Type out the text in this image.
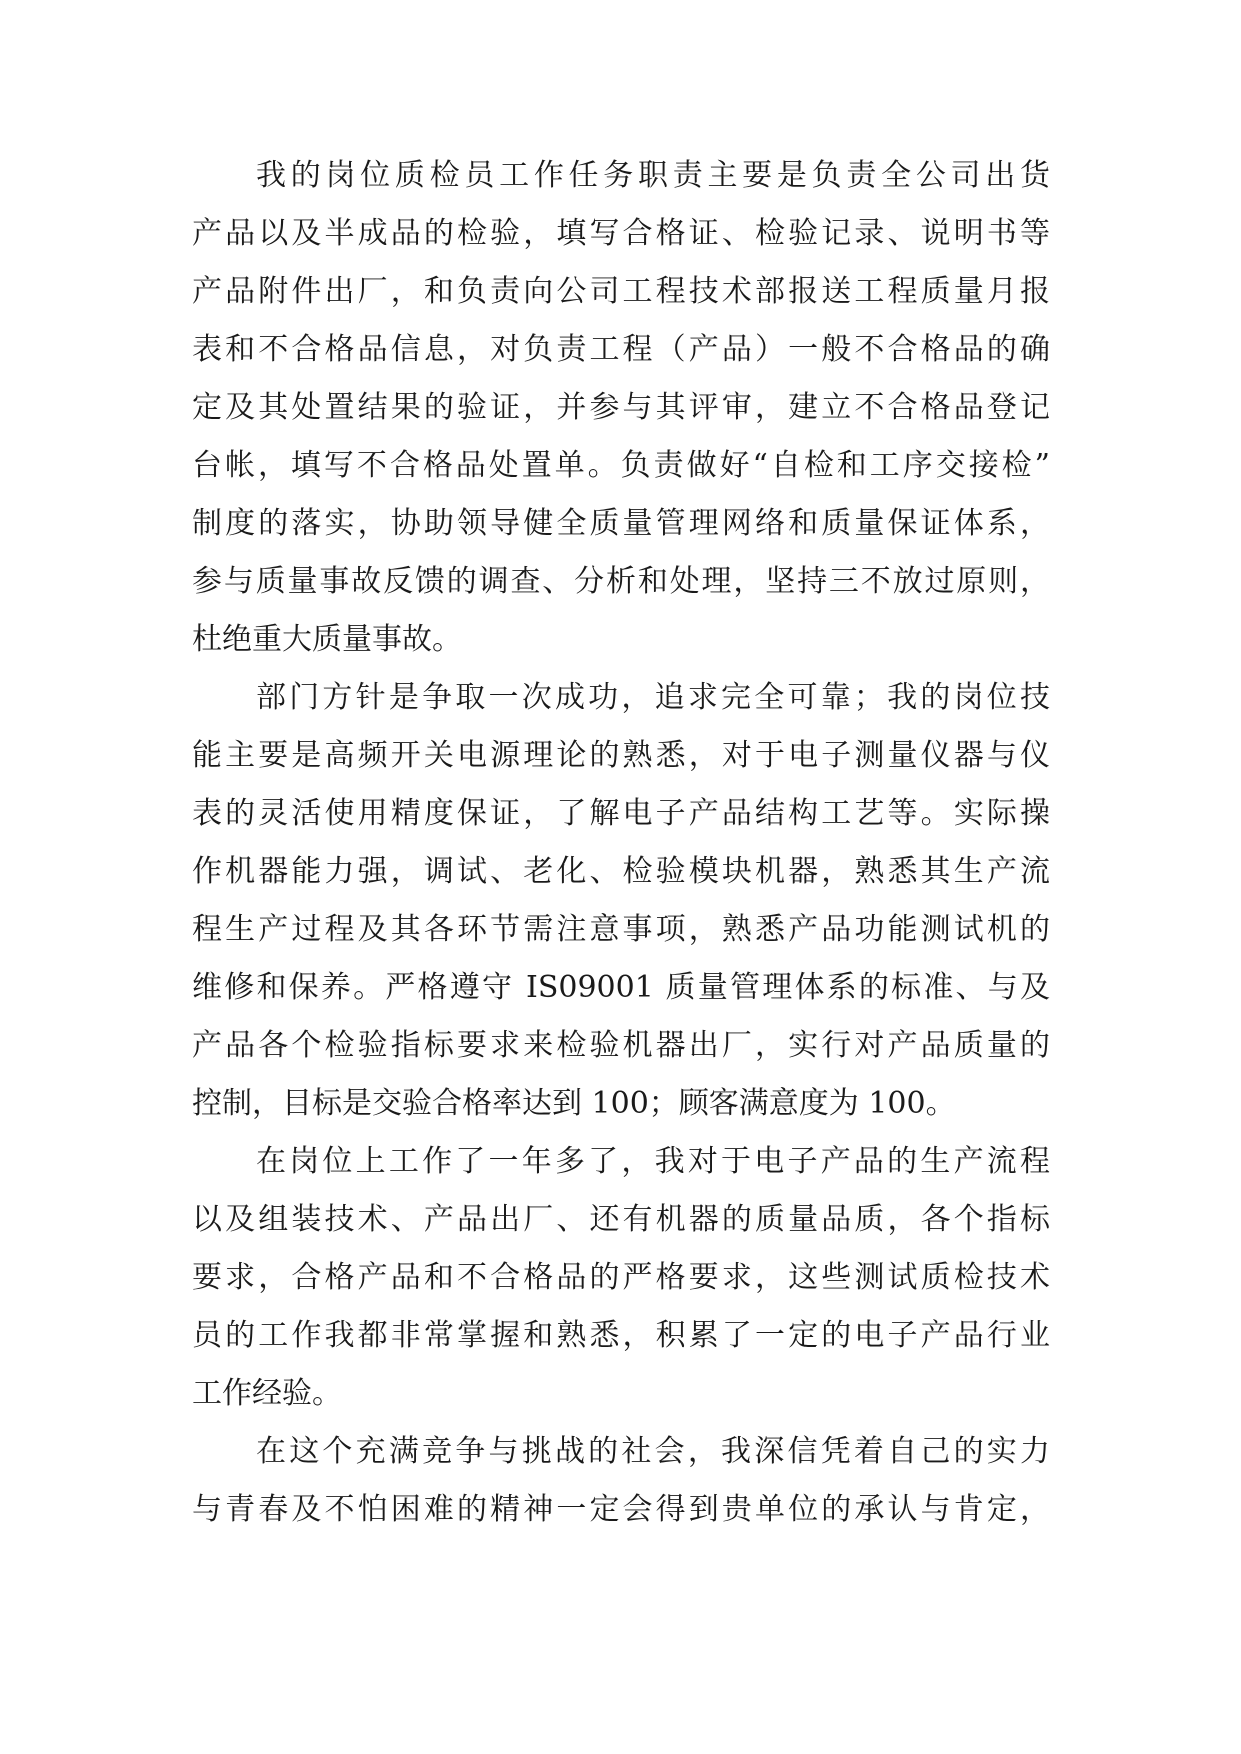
我的岗位质检员工作任务职责主要是负责全公司出货
产品以及半成品的检验，填写合格证、检验记录、说明书等
产品附件出厂，和负责向公司工程技术部报送工程质量月报
表和不合格品信息，对负责工程（产品）一般不合格品的确
定及其处置结果的验证，并参与其评审，建立不合格品登记
台帐，填写不合格品处置单。负责做好“自检和工序交接检”
制度的落实，协助领导健全质量管理网络和质量保证体系，
参与质量事故反馈的调查、分析和处理，坚持三不放过原则，
杜绝重大质量事故。
部门方针是争取一次成功，追求完全可靠；我的岗位技
能主要是高频开关电源理论的熟悉，对于电子测量仪器与仪
表的灵活使用精度保证，了解电子产品结构工艺等。实际操
作机器能力强，调试、老化、检验模块机器，熟悉其生产流
程生产过程及其各环节需注意事项，熟悉产品功能测试机的
维修和保养。严格遵守 IS09001 质量管理体系的标准、与及
产品各个检验指标要求来检验机器出厂，实行对产品质量的
控制，目标是交验合格率达到 100；顾客满意度为 100。
在岗位上工作了一年多了，我对于电子产品的生产流程
以及组装技术、产品出厂、还有机器的质量品质，各个指标
要求，合格产品和不合格品的严格要求，这些测试质检技术
员的工作我都非常掌握和熟悉，积累了一定的电子产品行业
工作经验。
在这个充满竞争与挑战的社会，我深信凭着自己的实力
与青春及不怕困难的精神一定会得到贵单位的承认与肯定，
